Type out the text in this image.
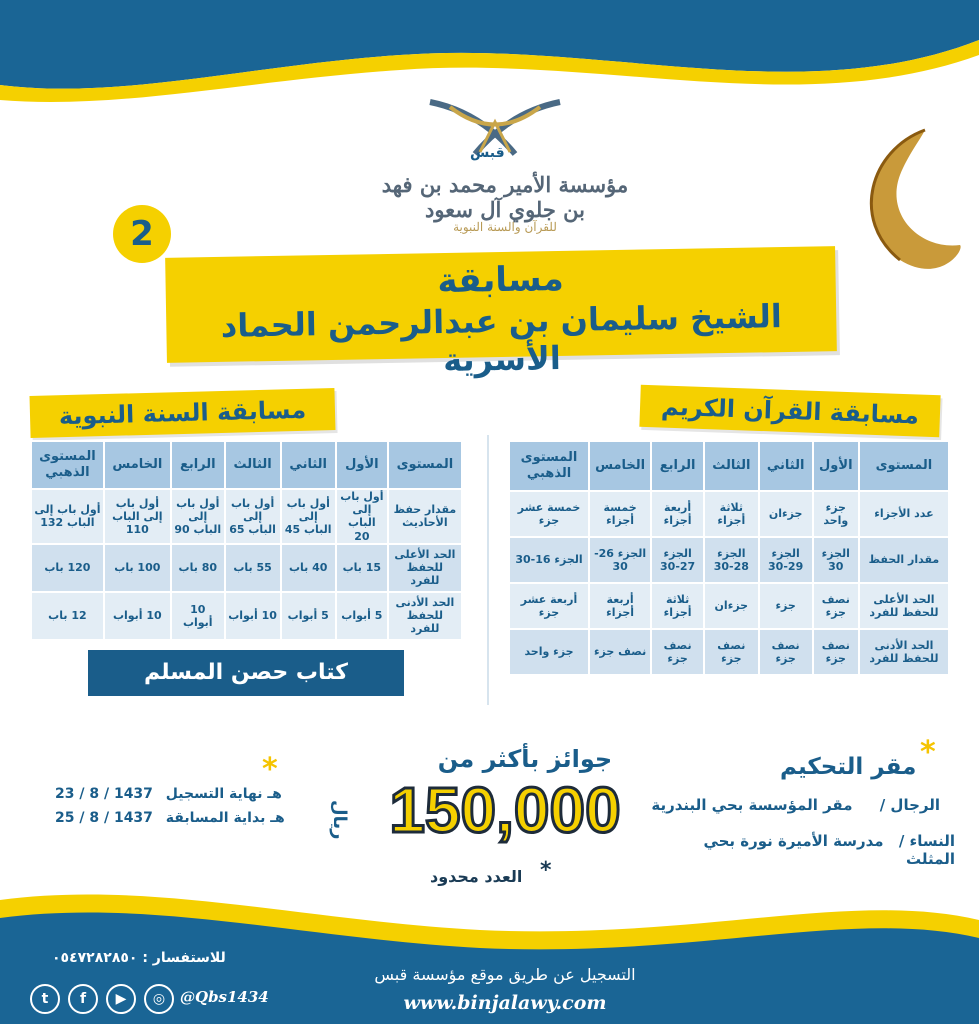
قبس
مؤسسة الأمير محمد بن فهد بن جلوي آل سعود
للقرآن والسنة النبوية
2
مسابقة
الشيخ سليمان بن عبدالرحمن الحماد الأسرية
مسابقة القرآن الكريم
المستوى	الأول	الثاني	الثالث	الرابع	الخامس	المستوى الذهبي
عدد الأجزاء	جزء واحد	جزءان	ثلاثة أجزاء	أربعة أجزاء	خمسة أجزاء	خمسة عشر جزء
مقدار الحفظ	الجزء 30	الجزء 29-30	الجزء 28-30	الجزء 27-30	الجزء 26-30	الجزء 16-30
الحد الأعلى للحفظ للفرد	نصف جزء	جزء	جزءان	ثلاثة أجزاء	أربعة أجزاء	أربعة عشر جزء
الحد الأدنى للحفظ للفرد	نصف جزء	نصف جزء	نصف جزء	نصف جزء	نصف جزء	جزء واحد
مسابقة السنة النبوية
المستوى	الأول	الثاني	الثالث	الرابع	الخامس	المستوى الذهبي
مقدار حفظ الأحاديث	أول باب إلى الباب 20	أول باب إلى الباب 45	أول باب إلى الباب 65	أول باب إلى الباب 90	أول باب إلى الباب 110	أول باب إلى الباب 132
الحد الأعلى للحفظ للفرد	15 باب	40 باب	55 باب	80 باب	100 باب	120 باب
الحد الأدنى للحفظ للفرد	5 أبواب	5 أبواب	10 أبواب	10 أبواب	10 أبواب	12 باب
كتاب حصن المسلم
*
مقر التحكيم
الرجال / مقر المؤسسة بحي البندرية
النساء / مدرسة الأميرة نورة بحي المثلث
جوائز بأكثر من
150,000
ريال
العدد محدود *
*
23 / 8 / 1437 هـ نهاية التسجيل
25 / 8 / 1437 هـ بداية المسابقة
للاستفسار : ٠٥٤٧٢٨٢٨٥٠
التسجيل عن طريق موقع مؤسسة قبس
www.binjalawy.com
t	f	▶	◎ @Qbs1434
